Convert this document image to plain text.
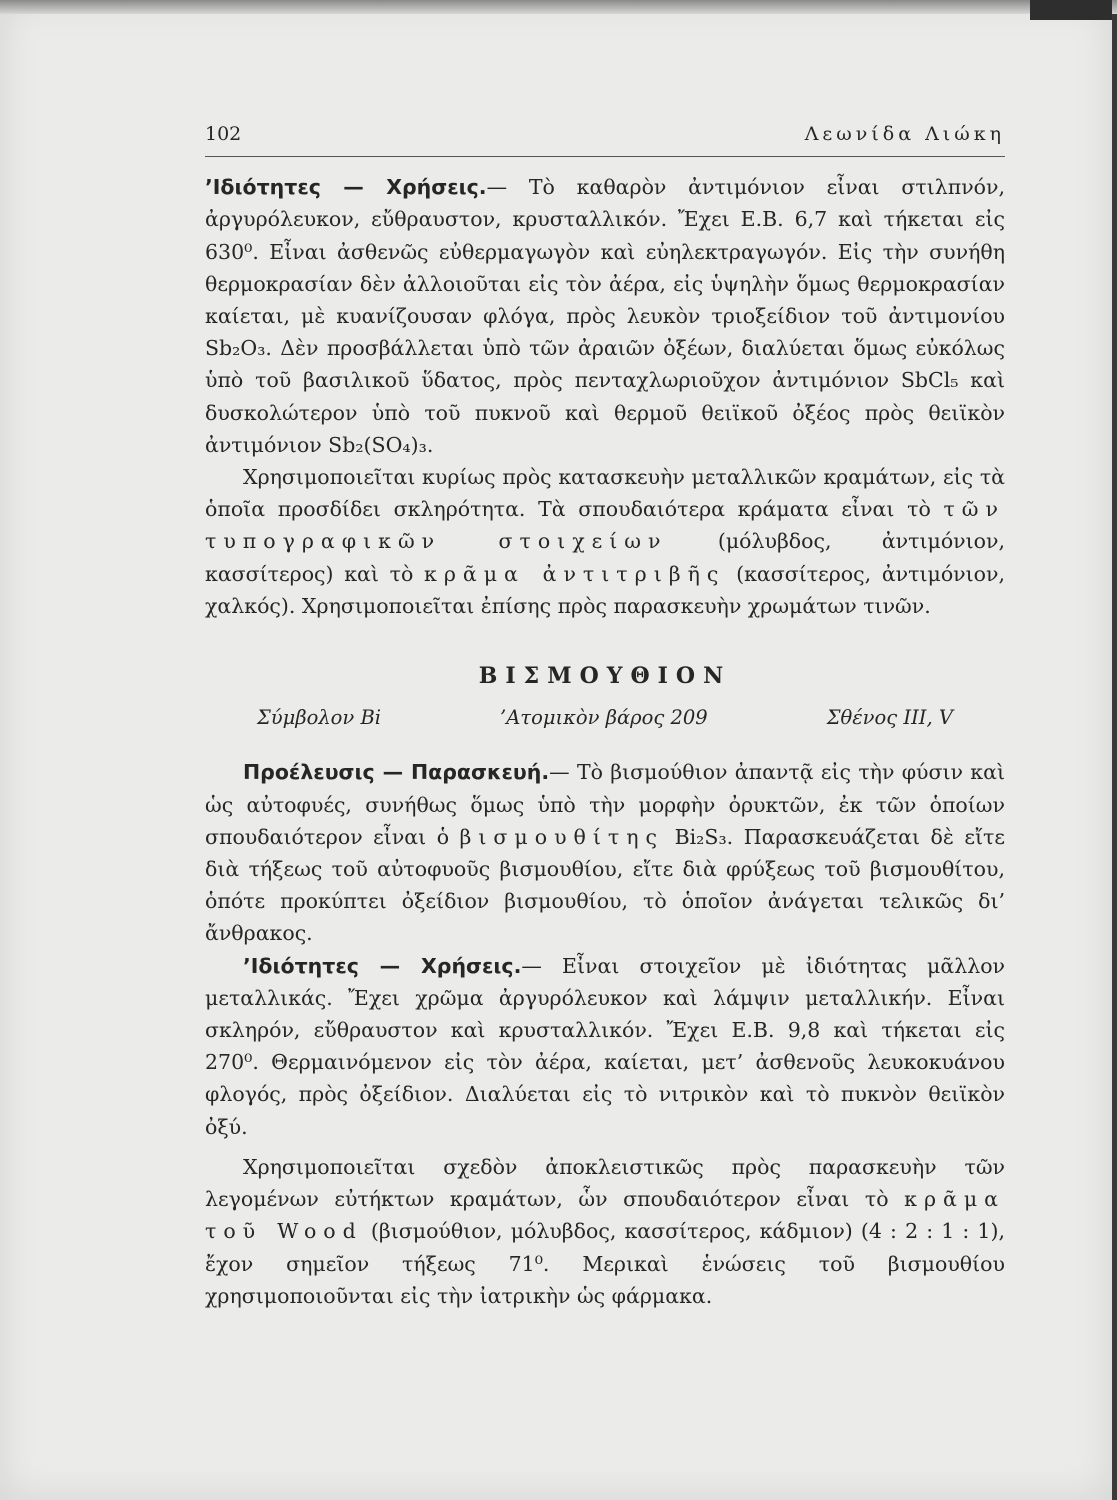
102	Λεωνίδα Λιώκη

’Ιδιότητες — Χρήσεις.— Τὸ καθαρὸν ἀντιμόνιον εἶναι στιλπνόν, ἀργυρόλευκον, εὔθραυστον, κρυσταλλικόν. Ἔχει Ε.Β. 6,7 καὶ τήκεται εἰς 630⁰. Εἶναι ἀσθενῶς εὐθερμαγωγὸν καὶ εὐηλεκτραγωγόν. Εἰς τὴν συνήθη θερμοκρασίαν δὲν ἀλλοιοῦται εἰς τὸν ἀέρα, εἰς ὑψηλὴν ὅμως θερμοκρασίαν καίεται, μὲ κυανίζουσαν φλόγα, πρὸς λευκὸν τριοξείδιον τοῦ ἀντιμονίου Sb₂O₃. Δὲν προσβάλλεται ὑπὸ τῶν ἀραιῶν ὀξέων, διαλύεται ὅμως εὐκόλως ὑπὸ τοῦ βασιλικοῦ ὕδατος, πρὸς πενταχλωριοῦχον ἀντιμόνιον SbCl₅ καὶ δυσκολώτερον ὑπὸ τοῦ πυκνοῦ καὶ θερμοῦ θειϊκοῦ ὀξέος πρὸς θειϊκὸν ἀντιμόνιον Sb₂(SO₄)₃.

Χρησιμοποιεῖται κυρίως πρὸς κατασκευὴν μεταλλικῶν κραμάτων, εἰς τὰ ὁποῖα προσδίδει σκληρότητα. Τὰ σπουδαιότερα κράματα εἶναι τὸ τῶν τυπογραφικῶν στοιχείων (μόλυβδος, ἀντιμόνιον, κασσίτερος) καὶ τὸ κρᾶμα ἀντιτριβῆς (κασσίτερος, ἀντιμόνιον, χαλκός). Χρησιμοποιεῖται ἐπίσης πρὸς παρασκευὴν χρωμάτων τινῶν.

ΒΙΣΜΟΥΘΙΟΝ
Σύμβολον Bi	’Ατομικὸν βάρος 209	Σθένος III, V

Προέλευσις — Παρασκευή.— Τὸ βισμούθιον ἀπαντᾷ εἰς τὴν φύσιν καὶ ὡς αὐτοφυές, συνήθως ὅμως ὑπὸ τὴν μορφὴν ὀρυκτῶν, ἐκ τῶν ὁποίων σπουδαιότερον εἶναι ὁ βισμουθίτης Bi₂S₃. Παρασκευάζεται δὲ εἴτε διὰ τήξεως τοῦ αὐτοφυοῦς βισμουθίου, εἴτε διὰ φρύξεως τοῦ βισμουθίτου, ὁπότε προκύπτει ὀξείδιον βισμουθίου, τὸ ὁποῖον ἀνάγεται τελικῶς δι’ ἄνθρακος.

’Ιδιότητες — Χρήσεις.— Εἶναι στοιχεῖον μὲ ἰδιότητας μᾶλλον μεταλλικάς. Ἔχει χρῶμα ἀργυρόλευκον καὶ λάμψιν μεταλλικήν. Εἶναι σκληρόν, εὔθραυστον καὶ κρυσταλλικόν. Ἔχει Ε.Β. 9,8 καὶ τήκεται εἰς 270⁰. Θερμαινόμενον εἰς τὸν ἀέρα, καίεται, μετ’ ἀσθενοῦς λευκοκυάνου φλογός, πρὸς ὀξείδιον. Διαλύεται εἰς τὸ νιτρικὸν καὶ τὸ πυκνὸν θειϊκὸν ὀξύ.

Χρησιμοποιεῖται σχεδὸν ἀποκλειστικῶς πρὸς παρασκευὴν τῶν λεγομένων εὐτήκτων κραμάτων, ὧν σπουδαιότερον εἶναι τὸ κρᾶμα τοῦ Wood (βισμούθιον, μόλυβδος, κασσίτερος, κάδμιον) (4 : 2 : 1 : 1), ἔχον σημεῖον τήξεως 71⁰. Μερικαὶ ἑνώσεις τοῦ βισμουθίου χρησιμοποιοῦνται εἰς τὴν ἰατρικὴν ὡς φάρμακα.
